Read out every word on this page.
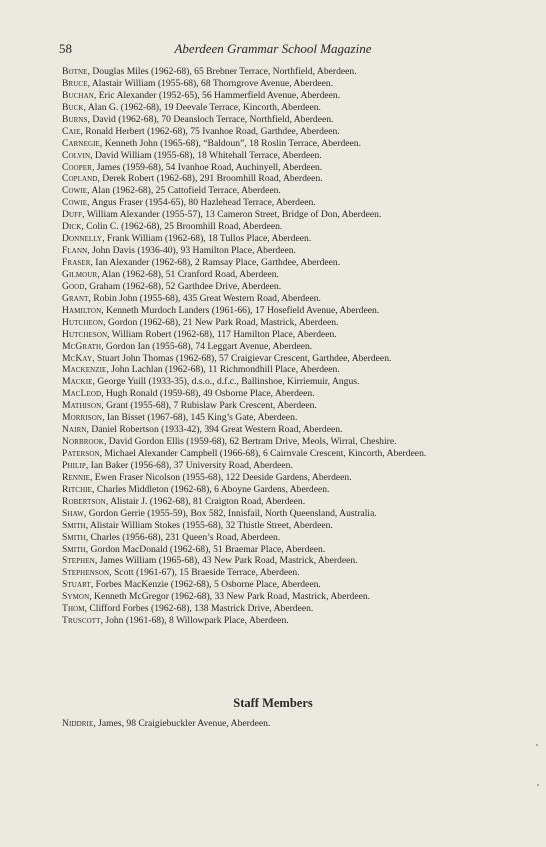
58	Aberdeen Grammar School Magazine
Botne, Douglas Miles (1962-68), 65 Brebner Terrace, Northfield, Aberdeen.
Bruce, Alastair William (1955-68), 68 Thorngrove Avenue, Aberdeen.
Buchan, Eric Alexander (1952-65), 56 Hammerfield Avenue, Aberdeen.
Buck, Alan G. (1962-68), 19 Deevale Terrace, Kincorth, Aberdeen.
Burns, David (1962-68), 70 Deansloch Terrace, Northfield, Aberdeen.
Caie, Ronald Herbert (1962-68), 75 Ivanhoe Road, Garthdee, Aberdeen.
Carnegie, Kenneth John (1965-68), “Baldoun”, 18 Roslin Terrace, Aberdeen.
Colvin, David William (1955-68), 18 Whitehall Terrace, Aberdeen.
Cooper, James (1959-68), 54 Ivanhoe Road, Auchinyell, Aberdeen.
Copland, Derek Robert (1962-68), 291 Broomhill Road, Aberdeen.
Cowie, Alan (1962-68), 25 Cattofield Terrace, Aberdeen.
Cowie, Angus Fraser (1954-65), 80 Hazlehead Terrace, Aberdeen.
Duff, William Alexander (1955-57), 13 Cameron Street, Bridge of Don, Aberdeen.
Dick, Colin C. (1962-68), 25 Broomhill Road, Aberdeen.
Donnelly, Frank William (1962-68), 18 Tullos Place, Aberdeen.
Flann, John Davis (1936-40), 93 Hamilton Place, Aberdeen.
Fraser, Ian Alexander (1962-68), 2 Ramsay Place, Garthdee, Aberdeen.
Gilmour, Alan (1962-68), 51 Cranford Road, Aberdeen.
Good, Graham (1962-68), 52 Garthdee Drive, Aberdeen.
Grant, Robin John (1955-68), 435 Great Western Road, Aberdeen.
Hamilton, Kenneth Murdoch Landers (1961-66), 17 Hosefield Avenue, Aberdeen.
Hutcheon, Gordon (1962-68), 21 New Park Road, Mastrick, Aberdeen.
Hutcheson, William Robert (1962-68), 117 Hamilton Place, Aberdeen.
McGrath, Gordon Ian (1955-68), 74 Leggart Avenue, Aberdeen.
McKay, Stuart John Thomas (1962-68), 57 Craigievar Crescent, Garthdee, Aberdeen.
Mackenzie, John Lachlan (1962-68), 11 Richmondhill Place, Aberdeen.
Mackie, George Yuill (1933-35), d.s.o., d.f.c., Ballinshoe, Kirriemuir, Angus.
MacLeod, Hugh Ronald (1959-68), 49 Osborne Place, Aberdeen.
Mathison, Grant (1955-68), 7 Rubislaw Park Crescent, Aberdeen.
Morrison, Ian Bisset (1967-68), 145 King’s Gate, Aberdeen.
Nairn, Daniel Robertson (1933-42), 394 Great Western Road, Aberdeen.
Norbrook, David Gordon Ellis (1959-68), 62 Bertram Drive, Meols, Wirral, Cheshire.
Paterson, Michael Alexander Campbell (1966-68), 6 Cairnvale Crescent, Kincorth, Aberdeen.
Philip, Ian Baker (1956-68), 37 University Road, Aberdeen.
Rennie, Ewen Fraser Nicolson (1955-68), 122 Deeside Gardens, Aberdeen.
Ritchie, Charles Middleton (1962-68), 6 Aboyne Gardens, Aberdeen.
Robertson, Alistair J. (1962-68), 81 Craigton Road, Aberdeen.
Shaw, Gordon Gerrie (1955-59), Box 582, Innisfail, North Queensland, Australia.
Smith, Alistair William Stokes (1955-68), 32 Thistle Street, Aberdeen.
Smith, Charles (1956-68), 231 Queen’s Road, Aberdeen.
Smith, Gordon MacDonald (1962-68), 51 Braemar Place, Aberdeen.
Stephen, James William (1965-68), 43 New Park Road, Mastrick, Aberdeen.
Stephenson, Scott (1961-67), 15 Braeside Terrace, Aberdeen.
Stuart, Forbes MacKenzie (1962-68), 5 Osborne Place, Aberdeen.
Symon, Kenneth McGregor (1962-68), 33 New Park Road, Mastrick, Aberdeen.
Thom, Clifford Forbes (1962-68), 138 Mastrick Drive, Aberdeen.
Truscott, John (1961-68), 8 Willowpark Place, Aberdeen.
Staff Members
Niddrie, James, 98 Craigiebuckler Avenue, Aberdeen.
